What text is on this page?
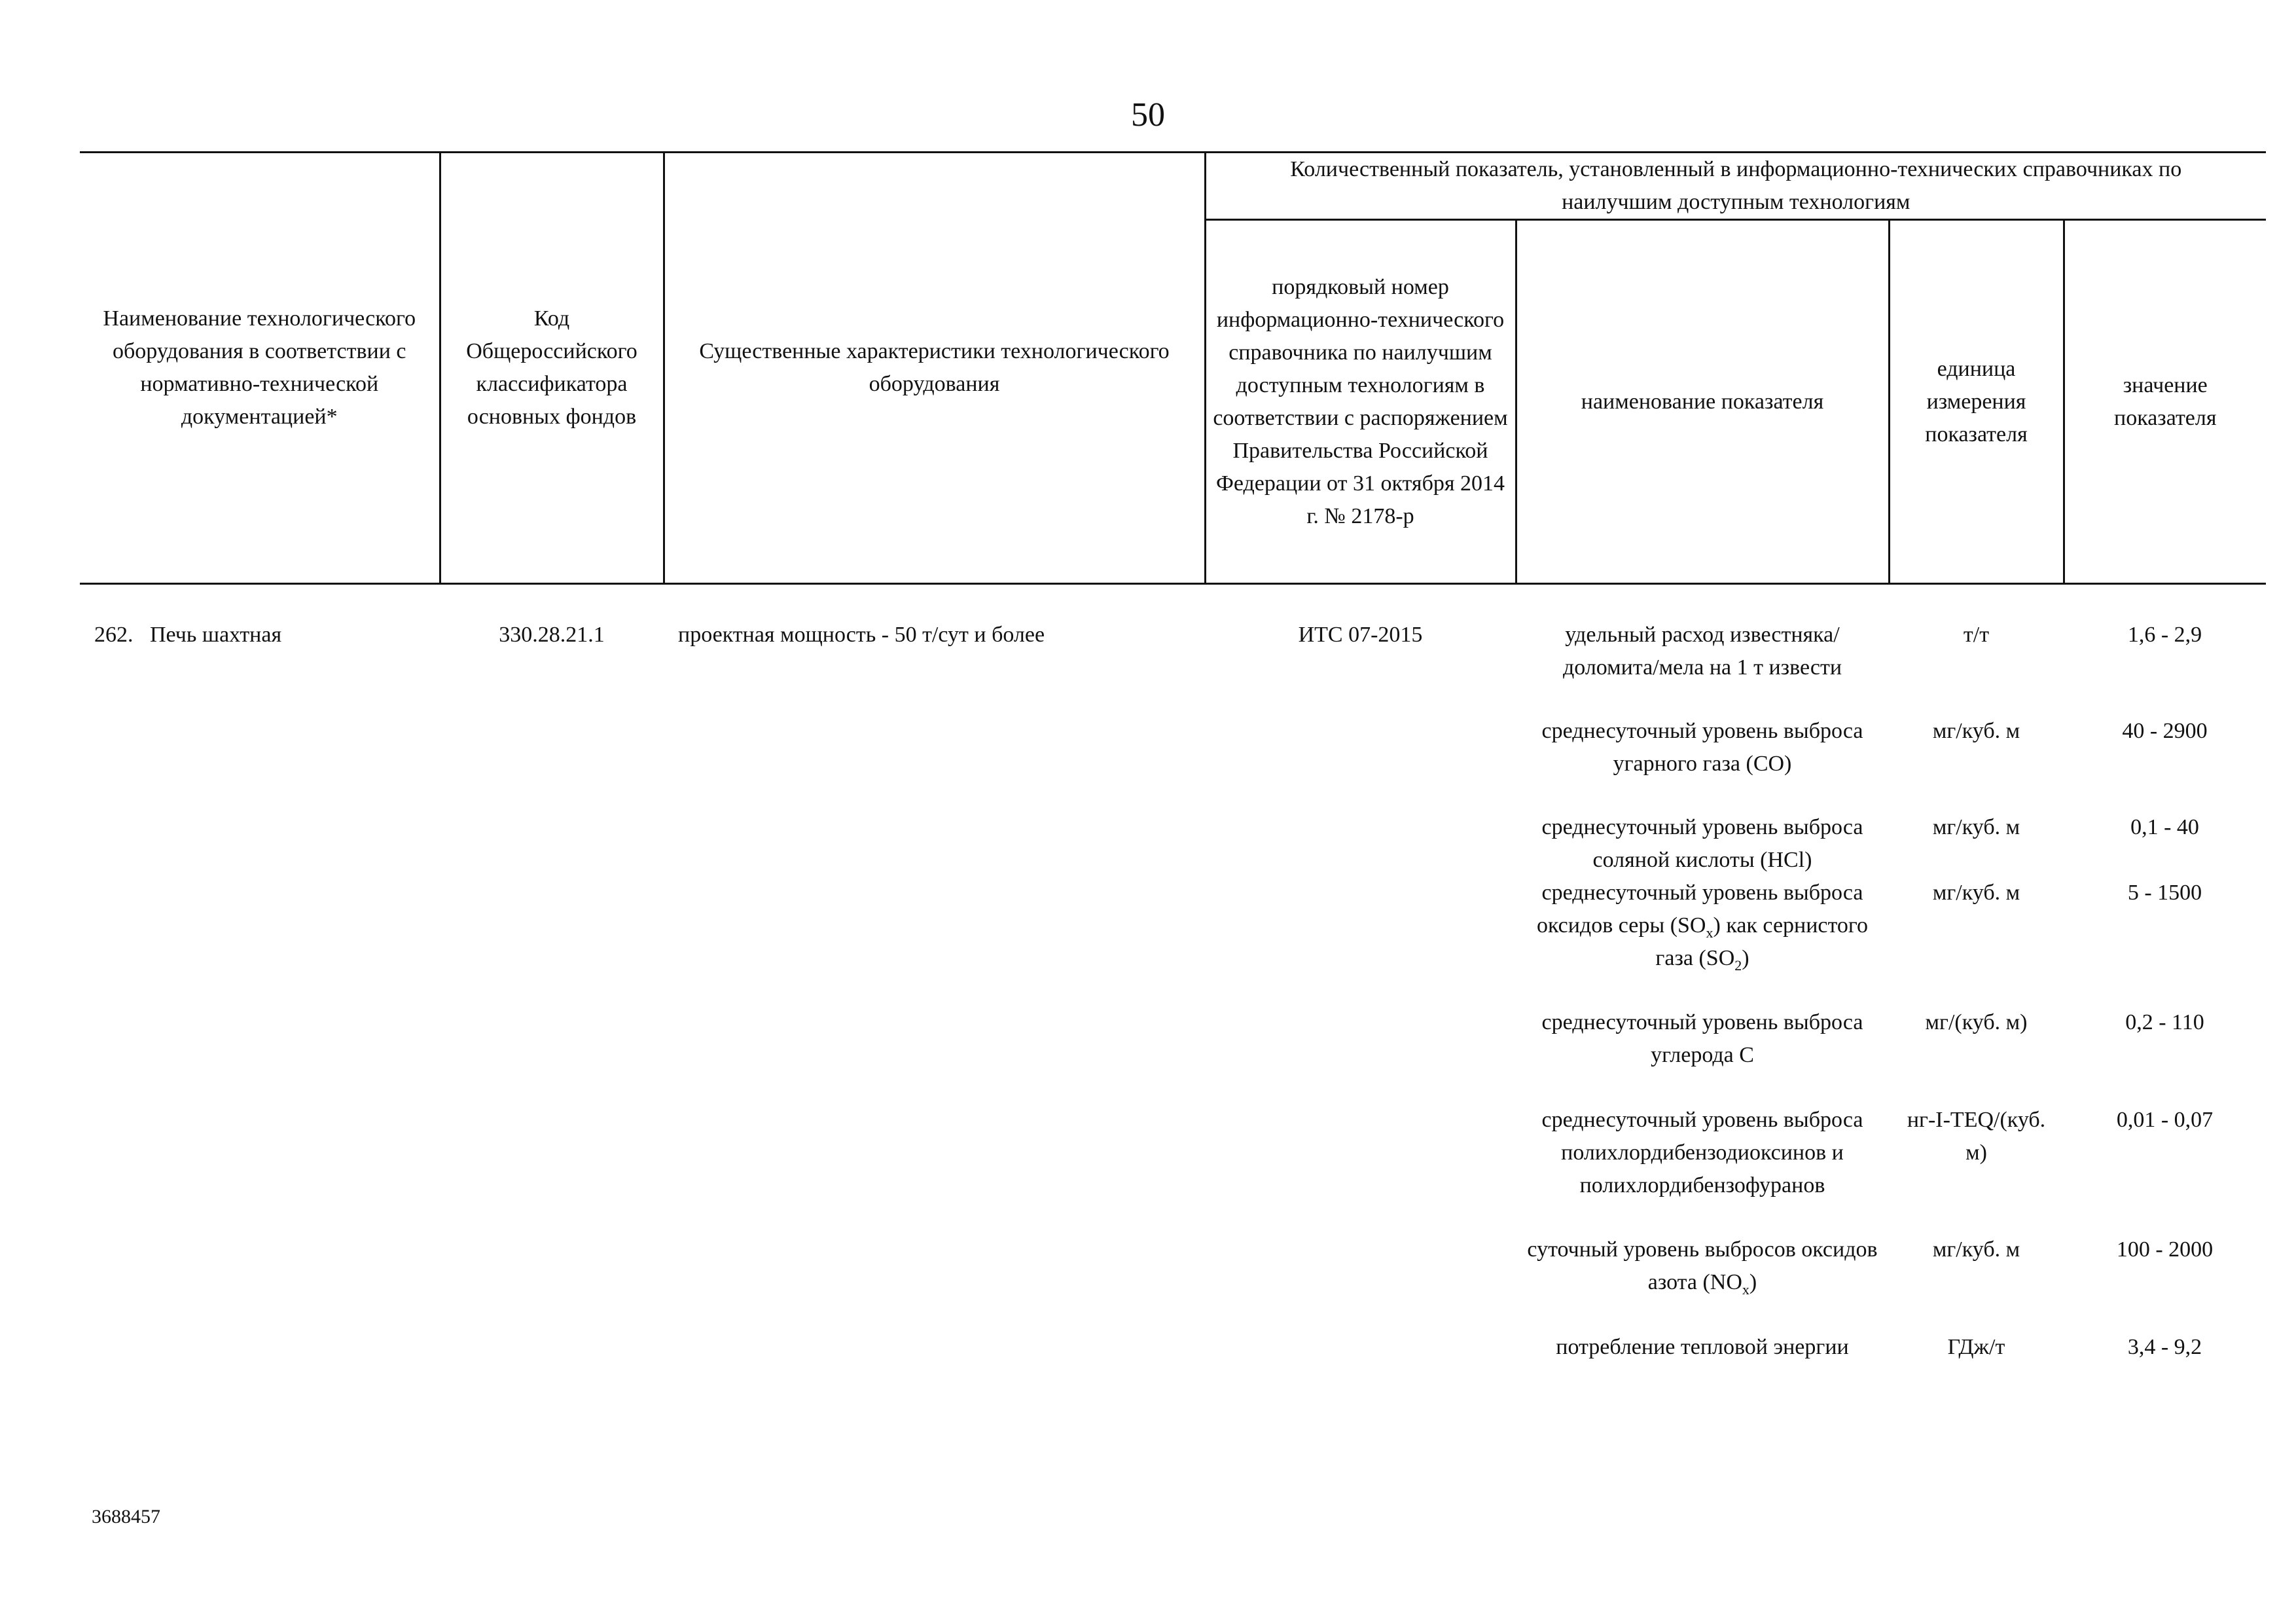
50
Наименование технологического оборудования в соответствии с нормативно-технической документацией*	Код Общероссийского классификатора основных фондов	Существенные характеристики технологического оборудования	Количественный показатель, установленный в информационно-технических справочниках по наилучшим доступным технологиям			
			порядковый номер информационно-технического справочника по наилучшим доступным технологиям в соответствии с распоряжением Правительства Российской Федерации от 31 октября 2014 г. № 2178-р	наименование показателя	единица измерения показателя	значение показателя
262. Печь шахтная	330.28.21.1	проектная мощность - 50 т/сут и более	ИТС 07-2015	удельный расход известняка/доломита/мела на 1 т извести	т/т	1,6 - 2,9
				среднесуточный уровень выброса угарного газа (CO)	мг/куб. м	40 - 2900
				среднесуточный уровень выброса соляной кислоты (HCl)	мг/куб. м	0,1 - 40
				среднесуточный уровень выброса оксидов серы $(SO_x)$ как сернистого газа $(SO_2)$	мг/куб. м	5 - 1500
				среднесуточный уровень выброса углерода C	мг/(куб. м)	0,2 - 110
				среднесуточный уровень выброса полихлордибензодиоксинов и полихлордибензофуранов	нг-I-TEQ/(куб. м)	0,01 - 0,07
				суточный уровень выбросов оксидов азота $(NO_x)$	мг/куб. м	100 - 2000
				потребление тепловой энергии	ГДж/т	3,4 - 9,2
3688457
